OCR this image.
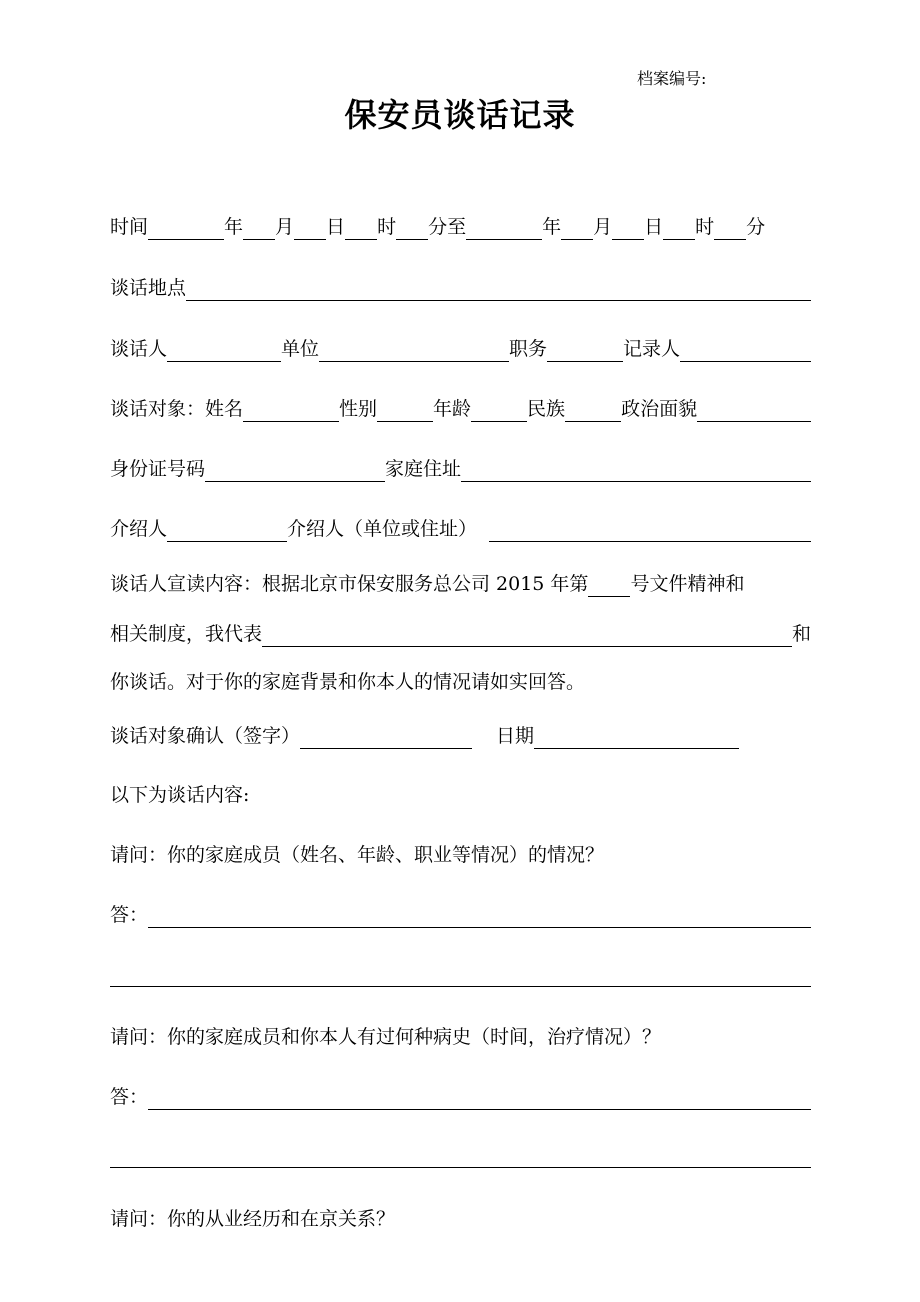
档案编号:
保安员谈话记录
时间	年 月 日 时 分至	年 月 日 时 分
谈话地点
谈话人	单位	职务	记录人
谈话对象：姓名	性别	年龄	民族	政治面貌
身份证号码	家庭住址
介绍人	介绍人（单位或住址）
谈话人宣读内容：根据北京市保安服务总公司 2015 年第 号文件精神和
相关制度，我代表	和
你谈话。对于你的家庭背景和你本人的情况请如实回答。
谈话对象确认（签字）	日期
以下为谈话内容:
请问：你的家庭成员（姓名、年龄、职业等情况）的情况？
答：
请问：你的家庭成员和你本人有过何种病史（时间，治疗情况）？
答：
请问：你的从业经历和在京关系？
